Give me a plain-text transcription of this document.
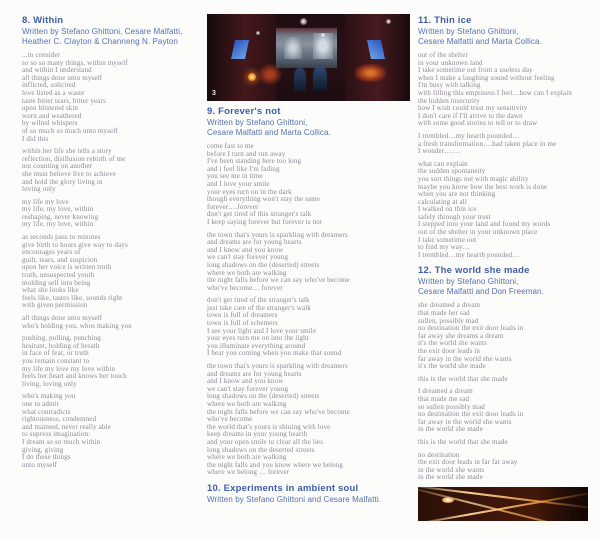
8. Within
Written by Stefano Ghittoni, Cesare Malfatti,
Heather C. Clayton & Channeng N. Payton
...to consider
so so so many things, within myself
and within I understand
all things done unto myself
inflicted, solicited
love listed as a waste
taste bitter tears, bitter years
upon blistered skin
worn and weathered
by wilted whispers
of so much so much unto myself
I did this
within her life she tells a story
reflection, disillusion rebirth of me
not counting on another
she must believe live to achieve
and hold the glory living in
loving only
my life my love
my life, my love, within
reshaping, never knowing
my life, my love, within
as seconds pass to minutes
give birth to hours give way to days
encourages years of
guilt, tears, and suspicion
upon her voice is written truth
truth, unsuspected youth
molding self into being
what she looks like
feels like, tastes like, sounds right
with given permission
all things done unto myself
who's holding you, whos making you
pushing, pulling, punching
hesitant, holding of breath
in face of fear, or truth
you remain constant to
my life my love my love within
feels her heart and knows her touch
living, loving only
who's making you
one to admit
what contradicts
rightousness, condemned
and maimed, never really able
to supress imagination:
I dream so so much within
giving, giving
I do these things
unto myself
3
9. Forever's not
Written by Stefano Ghittoni,
Cesare Malfatti and Marta Collica.
come fast to me
before I turn and run away
I've been standing here too long
and i feel like I'm fading
you see me in time
and I love your smile
your eyes turn on in the dark
though everything won't stay the same
forever….forever
don't get tired of this stranger's talk
I keep saying forever but forever is not
the town that's yours is sparkling with dreamers
and dreams are for young hearts
and I know and you know
we can't stay forever young
long shadows on the (deserted) streets
where we both are walking
the night falls before we can say who've become
who've become… forever
don't get tired of the stranger's talk
just take care of the stranger's walk
town is full of dreamers
town is full of schemers
I see your light and I love your smile
your eyes turn me on into the light
you illuminate everything around
I hear you coming when you make that sound
the town that's yours is sparkling with dreamers
and dreams are for young hearts
and I know and you know
we can't stay forever young
long shadows on the (deserted) streets
where we both are walking
the night falls before we can say who've become
who've become
the world that's yours is shining with love
keep dreams in your young hearth
and your open smile to clear all the lies
long shadows on the deserted streets
where we both are walking
the night falls and you know where we belong
where we belong … forever
10. Experiments in ambient soul
Written by Stefano Ghittoni and Cesare Malfatti.
11. Thin ice
Written by Stefano Ghittoni,
Cesare Malfatti and Marta Collica.
out of the shelter
in your unknown land
I take sometime out from a useless day
when I make a laughing sound without feeling
I'm busy with talking
with filling this emptiness I feel…how can I explain
the hidden insecurity
how I wish could trust my sensitivity
I don't care if I'll arrive to the dawn
with some good stories to tell or to draw
I trembled…my hearth pounded…
a fresh transformation….had taken place in me
I wonder…….
what can explain
the sudden spontaneity
you sort things out with magic ability
maybe you know how the best work is done
when you are not thinking
calculating at all
I walked on thin ice
safely through your trust
I stepped into your land and found my words
out of the shelter in your unknown place
I take sometime out
to find my way…
I trembled…my hearth pounded…
12. The world she made
Written by Stefano Ghittoni,
Cesare Malfatti and Don Freeman.
she dreamed a dream
that made her sad
sullen, possibly mad
no destination the exit door leads in
far away she dreams a dream
it's the world she wants
the exit door leads in
far away in the world she wants
it's the world she made
this is the world that she made
I dreamed a dream
that made me sad
so sullen possibly mad
no destination the exit door leads in
far away in the world she wants
in the world she made
this is the world that she made
no destination
the exit door leads in far far away
in the world she wants
in the world she made
